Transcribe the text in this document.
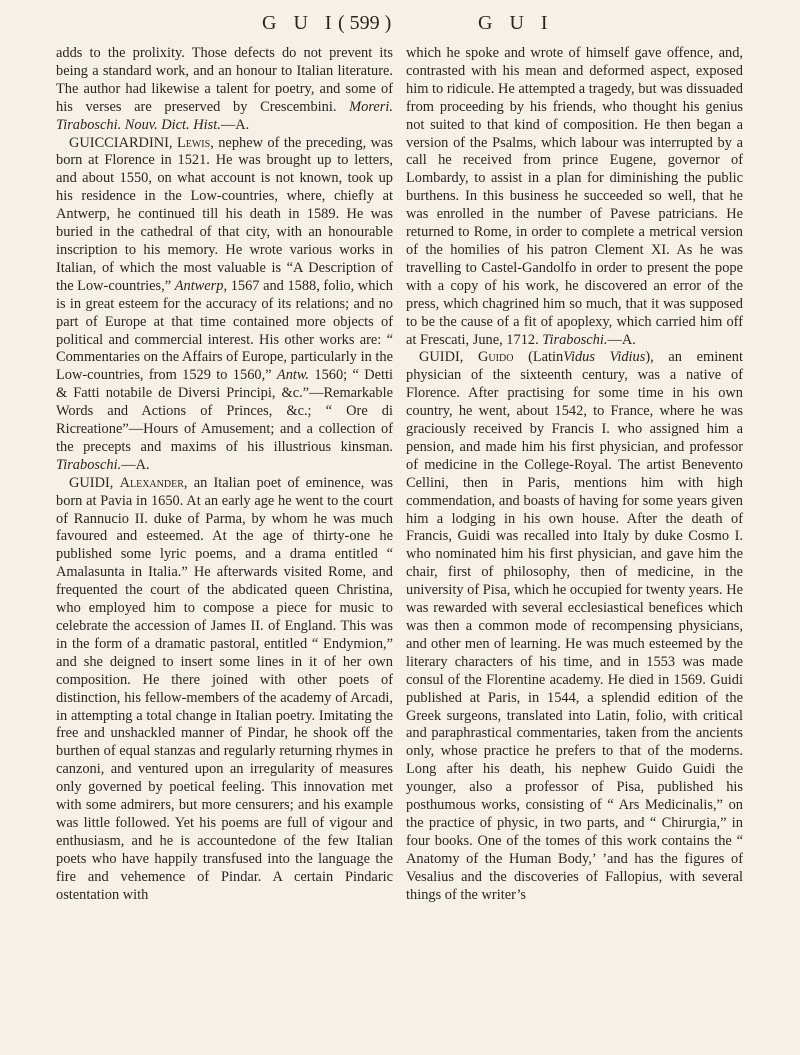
G U I ( 599 )	G U I

adds to the prolixity. Those defects do not prevent its being a standard work, and an honour to Italian literature. The author had likewise a talent for poetry, and some of his verses are preserved by Crescembini. Moreri. Tiraboschi. Nouv. Dict. Hist.—A.

GUICCIARDINI, Lewis, nephew of the preceding, was born at Florence in 1521. He was brought up to letters, and about 1550, on what account is not known, took up his residence in the Low-countries, where, chiefly at Antwerp, he continued till his death in 1589. He was buried in the cathedral of that city, with an honourable inscription to his memory. He wrote various works in Italian, of which the most valuable is “A Description of the Low-countries,” Antwerp, 1567 and 1588, folio, which is in great esteem for the accuracy of its relations; and no part of Europe at that time contained more objects of political and commercial interest. His other works are: “ Commentaries on the Affairs of Europe, particularly in the Low-countries, from 1529 to 1560,” Antw. 1560; “ Detti & Fatti notabile de Diversi Principi, &c.”—Remarkable Words and Actions of Princes, &c.; “ Ore di Ricreatione”—Hours of Amusement; and a collection of the precepts and maxims of his illustrious kinsman. Tiraboschi.—A.

GUIDI, Alexander, an Italian poet of eminence, was born at Pavia in 1650. At an early age he went to the court of Rannucio II. duke of Parma, by whom he was much favoured and esteemed. At the age of thirty-one he published some lyric poems, and a drama entitled “ Amalasunta in Italia.” He afterwards visited Rome, and frequented the court of the abdicated queen Christina, who employed him to compose a piece for music to celebrate the accession of James II. of England. This was in the form of a dramatic pastoral, entitled “ Endymion,” and she deigned to insert some lines in it of her own composition. He there joined with other poets of distinction, his fellow-members of the academy of Arcadi, in attempting a total change in Italian poetry. Imitating the free and unshackled manner of Pindar, he shook off the burthen of equal stanzas and regularly returning rhymes in canzoni, and ventured upon an irregularity of measures only governed by poetical feeling. This innovation met with some admirers, but more censurers; and his example was little followed. Yet his poems are full of vigour and enthusiasm, and he is accountedone of the few Italian poets who have happily transfused into the language the fire and vehemence of Pindar. A certain Pindaric ostentation with

which he spoke and wrote of himself gave offence, and, contrasted with his mean and deformed aspect, exposed him to ridicule. He attempted a tragedy, but was dissuaded from proceeding by his friends, who thought his genius not suited to that kind of composition. He then began a version of the Psalms, which labour was interrupted by a call he received from prince Eugene, governor of Lombardy, to assist in a plan for diminishing the public burthens. In this business he succeeded so well, that he was enrolled in the number of Pavese patricians. He returned to Rome, in order to complete a metrical version of the homilies of his patron Clement XI. As he was travelling to Castel-Gandolfo in order to present the pope with a copy of his work, he discovered an error of the press, which chagrined him so much, that it was supposed to be the cause of a fit of apoplexy, which carried him off at Frescati, June, 1712. Tiraboschi.—A.

GUIDI, Guido (LatinVidus Vidius), an eminent physician of the sixteenth century, was a native of Florence. After practising for some time in his own country, he went, about 1542, to France, where he was graciously received by Francis I. who assigned him a pension, and made him his first physician, and professor of medicine in the College-Royal. The artist Benevento Cellini, then in Paris, mentions him with high commendation, and boasts of having for some years given him a lodging in his own house. After the death of Francis, Guidi was recalled into Italy by duke Cosmo I. who nominated him his first physician, and gave him the chair, first of philosophy, then of medicine, in the university of Pisa, which he occupied for twenty years. He was rewarded with several ecclesiastical benefices which was then a common mode of recompensing physicians, and other men of learning. He was much esteemed by the literary characters of his time, and in 1553 was made consul of the Florentine academy. He died in 1569. Guidi published at Paris, in 1544, a splendid edition of the Greek surgeons, translated into Latin, folio, with critical and paraphrastical commentaries, taken from the ancients only, whose practice he prefers to that of the moderns. Long after his death, his nephew Guido Guidi the younger, also a professor of Pisa, published his posthumous works, consisting of “ Ars Medicinalis,” on the practice of physic, in two parts, and “ Chirurgia,” in four books. One of the tomes of this work contains the “ Anatomy of the Human Body,’ ’and has the figures of Vesalius and the discoveries of Fallopius, with several things of the writer’s
